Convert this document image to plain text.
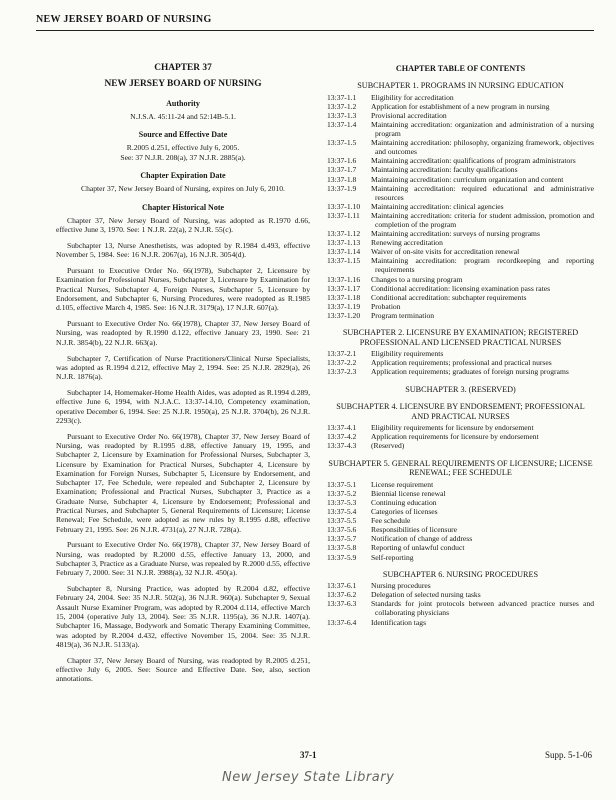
NEW JERSEY BOARD OF NURSING
CHAPTER 37
NEW JERSEY BOARD OF NURSING
Authority

N.J.S.A. 45:11-24 and 52:14B-5.1.

Source and Effective Date

R.2005 d.251, effective July 6, 2005.

See: 37 N.J.R. 208(a), 37 N.J.R. 2885(a).

Chapter Expiration Date

Chapter 37, New Jersey Board of Nursing, expires on July 6, 2010.

Chapter Historical Note

Chapter 37, New Jersey Board of Nursing, was adopted as R.1970 d.66, effective June 3, 1970. See: 1 N.J.R. 22(a), 2 N.J.R. 55(c).

Subchapter 13, Nurse Anesthetists, was adopted by R.1984 d.493, effective November 5, 1984. See: 16 N.J.R. 2067(a), 16 N.J.R. 3054(d).

Pursuant to Executive Order No. 66(1978), Subchapter 2, Licensure by Examination for Professional Nurses, Subchapter 3, Licensure by Examination for Practical Nurses, Subchapter 4, Foreign Nurses, Subchapter 5, Licensure by Endorsement, and Subchapter 6, Nursing Procedures, were readopted as R.1985 d.105, effective March 4, 1985. See: 16 N.J.R. 3179(a), 17 N.J.R. 607(a).

Pursuant to Executive Order No. 66(1978), Chapter 37, New Jersey Board of Nursing, was readopted by R.1990 d.122, effective January 23, 1990. See: 21 N.J.R. 3854(b), 22 N.J.R. 663(a).

Subchapter 7, Certification of Nurse Practitioners/Clinical Nurse Specialists, was adopted as R.1994 d.212, effective May 2, 1994. See: 25 N.J.R. 2829(a), 26 N.J.R. 1876(a).

Subchapter 14, Homemaker-Home Health Aides, was adopted as R.1994 d.289, effective June 6, 1994, with N.J.A.C. 13:37-14.10, Competency examination, operative December 6, 1994. See: 25 N.J.R. 1950(a), 25 N.J.R. 3704(b), 26 N.J.R. 2293(c).

Pursuant to Executive Order No. 66(1978), Chapter 37, New Jersey Board of Nursing, was readopted by R.1995 d.88, effective January 19, 1995, and Subchapter 2, Licensure by Examination for Professional Nurses, Subchapter 3, Licensure by Examination for Practical Nurses, Subchapter 4, Licensure by Examination for Foreign Nurses, Subchapter 5, Licensure by Endorsement, and Subchapter 17, Fee Schedule, were repealed and Subchapter 2, Licensure by Examination; Professional and Practical Nurses, Subchapter 3, Practice as a Graduate Nurse, Subchapter 4, Licensure by Endorsement; Professional and Practical Nurses, and Subchapter 5, General Requirements of Licensure; License Renewal; Fee Schedule, were adopted as new rules by R.1995 d.88, effective February 21, 1995. See: 26 N.J.R. 4731(a), 27 N.J.R. 728(a).

Pursuant to Executive Order No. 66(1978), Chapter 37, New Jersey Board of Nursing, was readopted by R.2000 d.55, effective January 13, 2000, and Subchapter 3, Practice as a Graduate Nurse, was repealed by R.2000 d.55, effective February 7, 2000. See: 31 N.J.R. 3988(a), 32 N.J.R. 450(a).

Subchapter 8, Nursing Practice, was adopted by R.2004 d.82, effective February 24, 2004. See: 35 N.J.R. 502(a), 36 N.J.R. 960(a). Subchapter 9, Sexual Assault Nurse Examiner Program, was adopted by R.2004 d.114, effective March 15, 2004 (operative July 13, 2004). See: 35 N.J.R. 1195(a), 36 N.J.R. 1407(a). Subchapter 16, Massage, Bodywork and Somatic Therapy Examining Committee, was adopted by R.2004 d.432, effective November 15, 2004. See: 35 N.J.R. 4819(a), 36 N.J.R. 5133(a).

Chapter 37, New Jersey Board of Nursing, was readopted by R.2005 d.251, effective July 6, 2005. See: Source and Effective Date. See, also, section annotations.

CHAPTER TABLE OF CONTENTS
SUBCHAPTER 1. PROGRAMS IN NURSING EDUCATION
13:37-1.1	Eligibility for accreditation
13:37-1.2	Application for establishment of a new program in nursing
13:37-1.3	Provisional accreditation
13:37-1.4	Maintaining accreditation: organization and administration of a nursing program
13:37-1.5	Maintaining accreditation: philosophy, organizing framework, objectives and outcomes
13:37-1.6	Maintaining accreditation: qualifications of program administrators
13:37-1.7	Maintaining accreditation: faculty qualifications
13:37-1.8	Maintaining accreditation: curriculum organization and content
13:37-1.9	Maintaining accreditation: required educational and administrative resources
13:37-1.10	Maintaining accreditation: clinical agencies
13:37-1.11	Maintaining accreditation: criteria for student admission, promotion and completion of the program
13:37-1.12	Maintaining accreditation: surveys of nursing programs
13:37-1.13	Renewing accreditation
13:37-1.14	Waiver of on-site visits for accreditation renewal
13:37-1.15	Maintaining accreditation: program recordkeeping and reporting requirements
13:37-1.16	Changes to a nursing program
13:37-1.17	Conditional accreditation: licensing examination pass rates
13:37-1.18	Conditional accreditation: subchapter requirements
13:37-1.19	Probation
13:37-1.20	Program termination
SUBCHAPTER 2. LICENSURE BY EXAMINATION; REGISTERED PROFESSIONAL AND LICENSED PRACTICAL NURSES
13:37-2.1	Eligibility requirements
13:37-2.2	Application requirements; professional and practical nurses
13:37-2.3	Application requirements; graduates of foreign nursing programs
SUBCHAPTER 3. (RESERVED)
SUBCHAPTER 4. LICENSURE BY ENDORSEMENT; PROFESSIONAL AND PRACTICAL NURSES
13:37-4.1	Eligibility requirements for licensure by endorsement
13:37-4.2	Application requirements for licensure by endorsement
13:37-4.3	(Reserved)
SUBCHAPTER 5. GENERAL REQUIREMENTS OF LICENSURE; LICENSE RENEWAL; FEE SCHEDULE
13:37-5.1	License requirement
13:37-5.2	Biennial license renewal
13:37-5.3	Continuing education
13:37-5.4	Categories of licenses
13:37-5.5	Fee schedule
13:37-5.6	Responsibilities of licensure
13:37-5.7	Notification of change of address
13:37-5.8	Reporting of unlawful conduct
13:37-5.9	Self-reporting
SUBCHAPTER 6. NURSING PROCEDURES
13:37-6.1	Nursing procedures
13:37-6.2	Delegation of selected nursing tasks
13:37-6.3	Standards for joint protocols between advanced practice nurses and collaborating physicians
13:37-6.4	Identification tags
37-1	Supp. 5-1-06
New Jersey State Library
